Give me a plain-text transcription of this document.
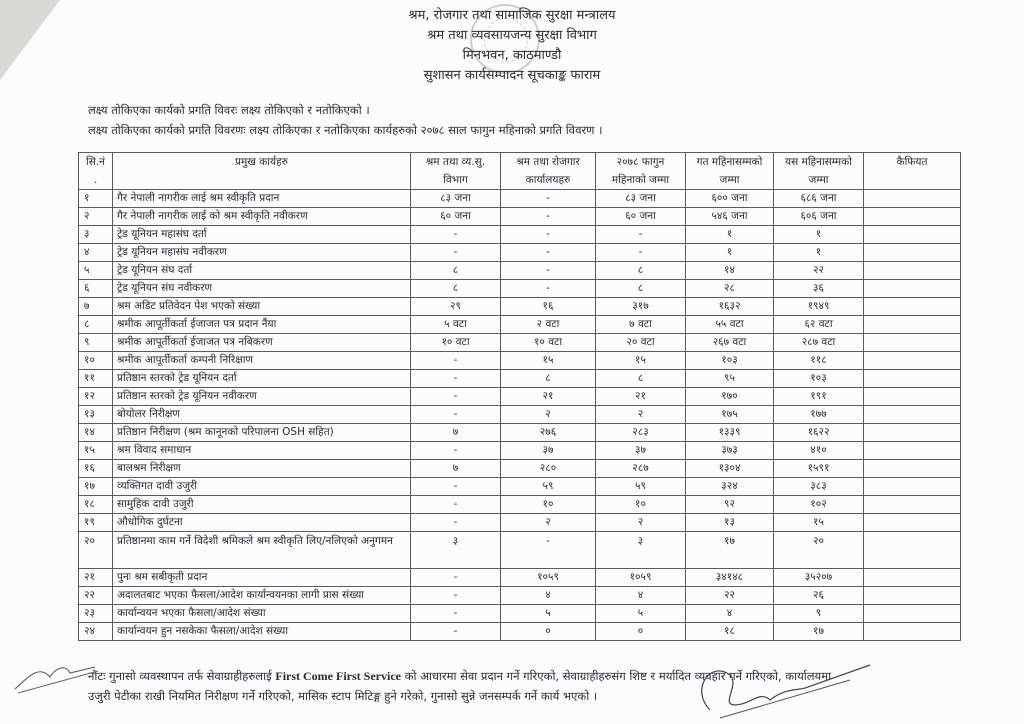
श्रम, रोजगार तथा सामाजिक सुरक्षा मन्त्रालय
श्रम तथा व्यवसायजन्य सुरक्षा विभाग
मिनभवन, काठमाण्डौ
सुशासन कार्यसम्पादन सूचकाङ्क फाराम
लक्ष्य तोकिएका कार्यको प्रगति विवरः लक्ष्य तोकिएको र नतोकिएको ।
लक्ष्य तोकिएका कार्यको प्रगति विवरणः लक्ष्य तोकिएका र नतोकिएका कार्यहरुको २०७८ साल फागुन महिनाको प्रगति विवरण ।
सि.नं .	प्रमुख कार्यहरु	श्रम तथा व्य.सु. विभाग	श्रम तथा रोजगार कार्यालयहरु	२०७८ फागुन महिनाको जम्मा	गत महिनासम्मको जम्मा	यस महिनासम्मको जम्मा	कैफियत
१	गैर नेपाली नागरीक लाई श्रम स्वीकृति प्रदान	८३ जना	-	८३ जना	६०० जना	६८६ जना	
२	गैर नेपाली नागरीक लाई को श्रम स्वीकृति नवीकरण	६० जना	-	६० जना	५४६ जना	६०६ जना	
३	ट्रेड यूनियन महासंघ दर्ता	-	-	-	१	१	
४	ट्रेड यूनियन महासंघ नवीकरण	-	-	-	१	१	
५	ट्रेड यूनियन संघ दर्ता	८	-	८	१४	२२	
६	ट्रेड यूनियन संघ नवीकरण	८	-	८	२८	३६	
७	श्रम अडिट प्रतिवेदन पेश भएको संख्या	२९	१६	३१७	१६३२	१९४९	
८	श्रमीक आपूर्तीकर्ता ईजाजत पत्र प्रदान नैंया	५ वटा	२ वटा	७ वटा	५५ वटा	६२ वटा	
९	श्रमीक आपूर्तीकर्ता ईजाजत पत्र नबिकरण	१० वटा	१० वटा	२० वटा	२६७ वटा	२८७ वटा	
१०	श्रमीक आपूर्तीकर्ता कम्पनी निरिक्षाण	-	१५	१५	१०३	११८	
११	प्रतिष्ठान स्तरको ट्रेड यूनियन दर्ता	-	८	८	९५	१०३	
१२	प्रतिष्ठान स्तरको ट्रेड यूनियन नवीकरण	-	२१	२१	१७०	१९१	
१३	बोयोलर निरीक्षण	-	२	२	१७५	१७७	
१४	प्रतिष्ठान निरीक्षण (श्रम कानूनको परिपालना OSH सहित)	७	२७६	२८३	१३३९	१६२२	
१५	श्रम विवाद समाधान	-	३७	३७	३७३	४१०	
१६	बालश्रम निरीक्षण	७	२८०	२८७	१३०४	१५९१	
१७	व्यक्तिगत दावी उजुरी	-	५९	५९	३२४	३८३	
१८	सामुहिक दावी उजुरी	-	१०	१०	९२	१०२	
१९	औधोगिक दुर्घटना	-	२	२	१३	१५	
२०	प्रतिष्ठानमा काम गर्ने विदेशी श्रमिकले श्रम स्वीकृति लिए/नलिएको अनुगमन	३	-	३	१७	२०	
२१	पुनः श्रम सबीकृती प्रदान	-	१०५९	१०५९	३४१४८	३५२०७	
२२	अदालतबाट भएका फैसला/आदेश कार्यान्वयनका लागी प्रास संख्या	-	४	४	२२	२६	
२३	कार्यान्वयन भएका फैसला/आदेश संख्या	-	५	५	४	९	
२४	कार्यान्वयन हुन नसकेका फैसला/आदेश संख्या	-	०	०	१८	१७	
नोटः गुनासो व्यवस्थापन तर्फ सेवाग्राहीहरुलाई First Come First Service को आधारमा सेवा प्रदान गर्ने गरिएको, सेवाग्राहीहरुसंग शिष्ट र मर्यादित व्यवहार गर्ने गरिएको, कार्यालयमा
उजुरी पेटीका राखी नियमित निरीक्षण गर्ने गरिएको, मासिक स्टाप मिटिङ्ग हुने गरेको, गुनासो सुन्ने जनसम्पर्क गर्ने कार्य भएको ।
